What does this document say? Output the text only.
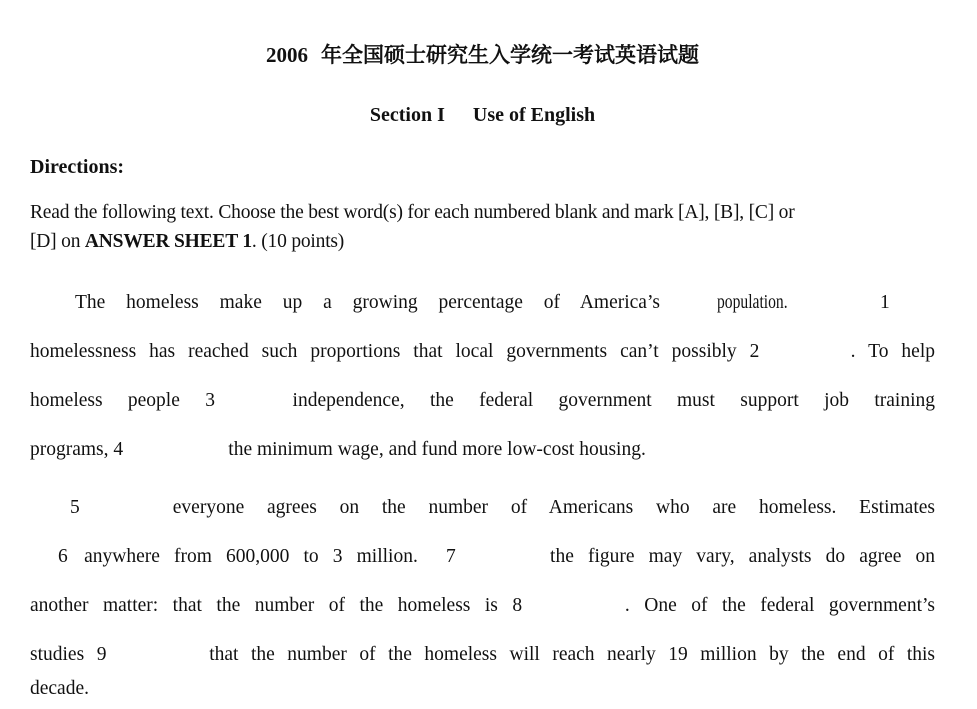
2006 年全国硕士研究生入学统一考试英语试题
Section I Use of English
Directions:
Read the following text. Choose the best word(s) for each numbered blank and mark [A], [B], [C] or
[D] on ANSWER SHEET 1. (10 points)
The homeless make up a growing percentage of America’s	population.	1
homelessness has reached such proportions that local governments can’t possibly 2	. To help
homeless people 3	independence, the federal government must support job training
programs, 4	the minimum wage, and fund more low-cost housing.
5	everyone agrees on the number of Americans who are homeless. Estimates
6 anywhere from 600,000 to 3 million. 7	the figure may vary, analysts do agree on
another matter: that the number of the homeless is 8	. One of the federal government’s
studies 9	that the number of the homeless will reach nearly 19 million by the end of this
decade.
